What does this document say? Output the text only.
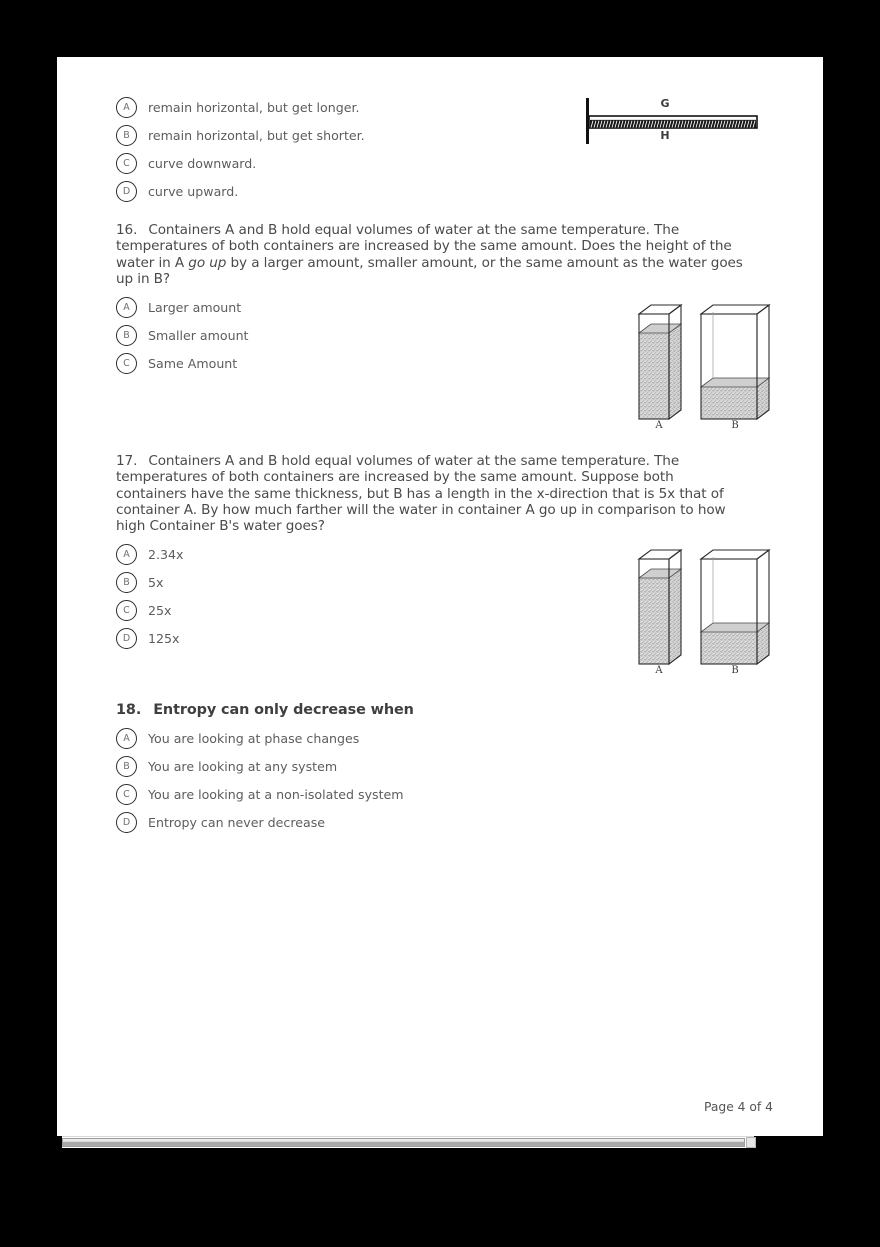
A	remain horizontal, but get longer.
B	remain horizontal, but get shorter.
C	curve downward.
D	curve upward.
G
H
16. Containers A and B hold equal volumes of water at the same temperature. The temperatures of both containers are increased by the same amount. Does the height of the water in A go up by a larger amount, smaller amount, or the same amount as the water goes up in B?
A	Larger amount
B	Smaller amount
C	Same Amount
A	B
17. Containers A and B hold equal volumes of water at the same temperature. The temperatures of both containers are increased by the same amount. Suppose both containers have the same thickness, but B has a length in the x-direction that is 5x that of container A. By how much farther will the water in container A go up in comparison to how high Container B's water goes?
A	2.34x
B	5x
C	25x
D	125x
A	B
18. Entropy can only decrease when
A	You are looking at phase changes
B	You are looking at any system
C	You are looking at a non-isolated system
D	Entropy can never decrease
Page 4 of 4
